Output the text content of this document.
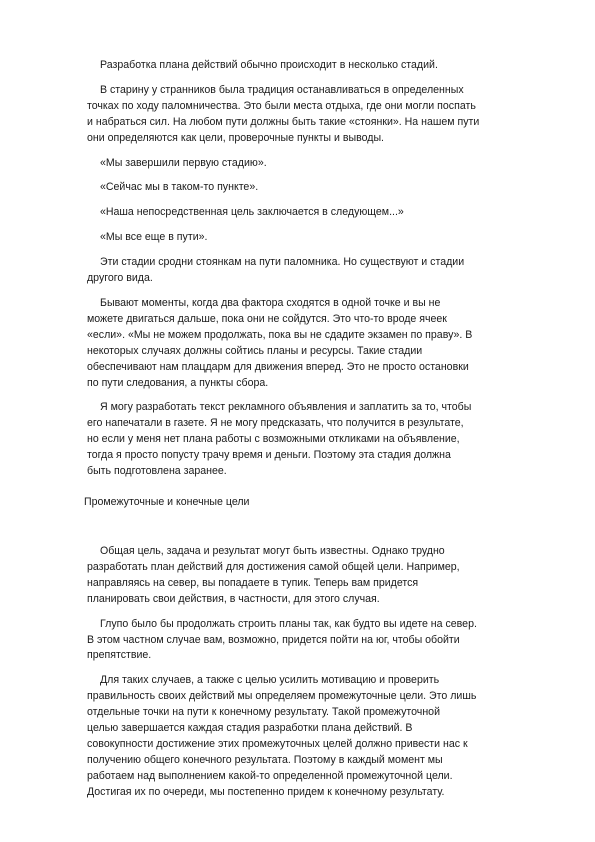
Разработка плана действий обычно происходит в несколько стадий.

В старину у странников была традиция останавливаться в определенных
точках по ходу паломничества. Это были места отдыха, где они могли поспать
и набраться сил. На любом пути должны быть такие «стоянки». На нашем пути
они определяются как цели, проверочные пункты и выводы.

«Мы завершили первую стадию».

«Сейчас мы в таком-то пункте».

«Наша непосредственная цель заключается в следующем...»

«Мы все еще в пути».

Эти стадии сродни стоянкам на пути паломника. Но существуют и стадии
другого вида.

Бывают моменты, когда два фактора сходятся в одной точке и вы не
можете двигаться дальше, пока они не сойдутся. Это что-то вроде ячеек
«если». «Мы не можем продолжать, пока вы не сдадите экзамен по праву». В
некоторых случаях должны сойтись планы и ресурсы. Такие стадии
обеспечивают нам плацдарм для движения вперед. Это не просто остановки
по пути следования, а пункты сбора.

Я могу разработать текст рекламного объявления и заплатить за то, чтобы
его напечатали в газете. Я не могу предсказать, что получится в результате,
но если у меня нет плана работы с возможными откликами на объявление,
тогда я просто попусту трачу время и деньги. Поэтому эта стадия должна
быть подготовлена заранее.

Промежуточные и конечные цели

Общая цель, задача и результат могут быть известны. Однако трудно
разработать план действий для достижения самой общей цели. Например,
направляясь на север, вы попадаете в тупик. Теперь вам придется
планировать свои действия, в частности, для этого случая.

Глупо было бы продолжать строить планы так, как будто вы идете на север.
В этом частном случае вам, возможно, придется пойти на юг, чтобы обойти
препятствие.

Для таких случаев, а также с целью усилить мотивацию и проверить
правильность своих действий мы определяем промежуточные цели. Это лишь
отдельные точки на пути к конечному результату. Такой промежуточной
целью завершается каждая стадия разработки плана действий. В
совокупности достижение этих промежуточных целей должно привести нас к
получению общего конечного результата. Поэтому в каждый момент мы
работаем над выполнением какой-то определенной промежуточной цели.
Достигая их по очереди, мы постепенно придем к конечному результату.
